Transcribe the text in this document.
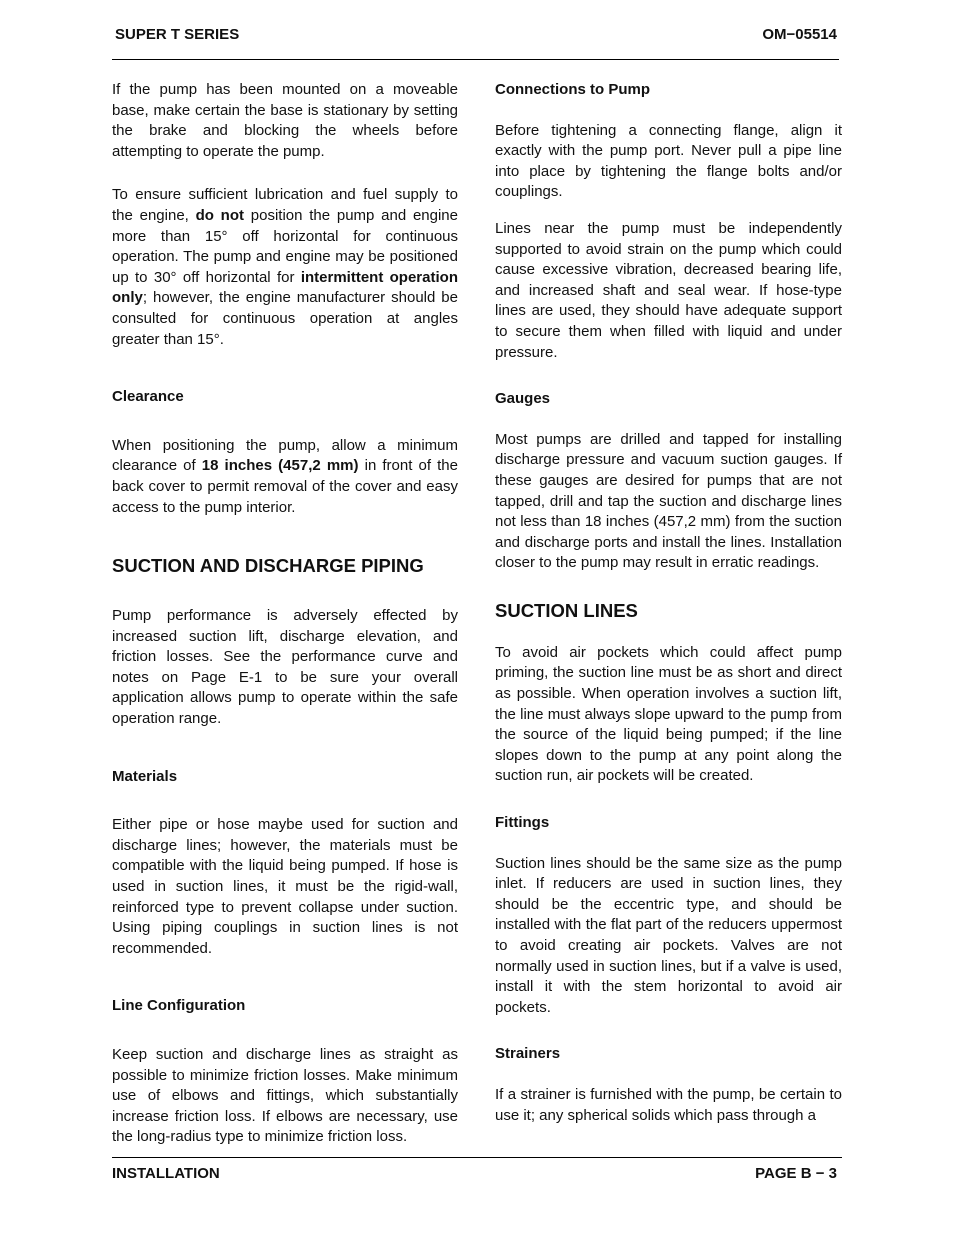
SUPER T SERIES	OM−05514

If the pump has been mounted on a moveable base, make certain the base is stationary by setting the brake and blocking the wheels before attempting to operate the pump.

To ensure sufficient lubrication and fuel supply to the engine, do not position the pump and engine more than 15° off horizontal for continuous operation. The pump and engine may be positioned up to 30° off horizontal for intermittent operation only; however, the engine manufacturer should be consulted for continuous operation at angles greater than 15°.

Clearance

When positioning the pump, allow a minimum clearance of 18 inches (457,2 mm) in front of the back cover to permit removal of the cover and easy access to the pump interior.

SUCTION AND DISCHARGE PIPING

Pump performance is adversely effected by increased suction lift, discharge elevation, and friction losses. See the performance curve and notes on Page E-1 to be sure your overall application allows pump to operate within the safe operation range.

Materials

Either pipe or hose maybe used for suction and discharge lines; however, the materials must be compatible with the liquid being pumped. If hose is used in suction lines, it must be the rigid-wall, reinforced type to prevent collapse under suction. Using piping couplings in suction lines is not recommended.

Line Configuration

Keep suction and discharge lines as straight as possible to minimize friction losses. Make minimum use of elbows and fittings, which substantially increase friction loss. If elbows are necessary, use the long-radius type to minimize friction loss.

Connections to Pump

Before tightening a connecting flange, align it exactly with the pump port. Never pull a pipe line into place by tightening the flange bolts and/or couplings.

Lines near the pump must be independently supported to avoid strain on the pump which could cause excessive vibration, decreased bearing life, and increased shaft and seal wear. If hose-type lines are used, they should have adequate support to secure them when filled with liquid and under pressure.

Gauges

Most pumps are drilled and tapped for installing discharge pressure and vacuum suction gauges. If these gauges are desired for pumps that are not tapped, drill and tap the suction and discharge lines not less than 18 inches (457,2 mm) from the suction and discharge ports and install the lines. Installation closer to the pump may result in erratic readings.

SUCTION LINES

To avoid air pockets which could affect pump priming, the suction line must be as short and direct as possible. When operation involves a suction lift, the line must always slope upward to the pump from the source of the liquid being pumped; if the line slopes down to the pump at any point along the suction run, air pockets will be created.

Fittings

Suction lines should be the same size as the pump inlet. If reducers are used in suction lines, they should be the eccentric type, and should be installed with the flat part of the reducers uppermost to avoid creating air pockets. Valves are not normally used in suction lines, but if a valve is used, install it with the stem horizontal to avoid air pockets.

Strainers

If a strainer is furnished with the pump, be certain to use it; any spherical solids which pass through a

INSTALLATION	PAGE B − 3
